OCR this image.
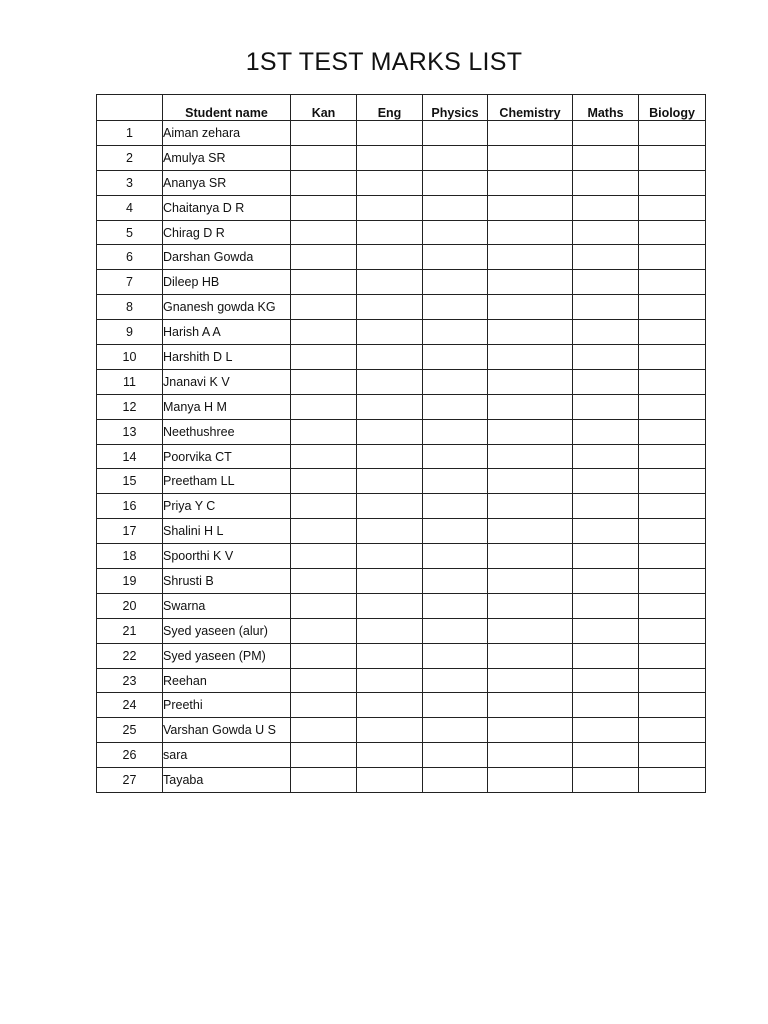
1ST TEST MARKS LIST
	Student name	Kan	Eng	Physics	Chemistry	Maths	Biology
1	Aiman zehara						
2	Amulya SR						
3	Ananya SR						
4	Chaitanya D R						
5	Chirag D R						
6	Darshan Gowda						
7	Dileep HB						
8	Gnanesh gowda KG						
9	Harish A A						
10	Harshith D L						
11	Jnanavi K V						
12	Manya H M						
13	Neethushree						
14	Poorvika CT						
15	Preetham LL						
16	Priya Y C						
17	Shalini H L						
18	Spoorthi K V						
19	Shrusti B						
20	Swarna						
21	Syed yaseen (alur)						
22	Syed yaseen (PM)						
23	Reehan						
24	Preethi						
25	Varshan Gowda U S						
26	sara						
27	Tayaba						
